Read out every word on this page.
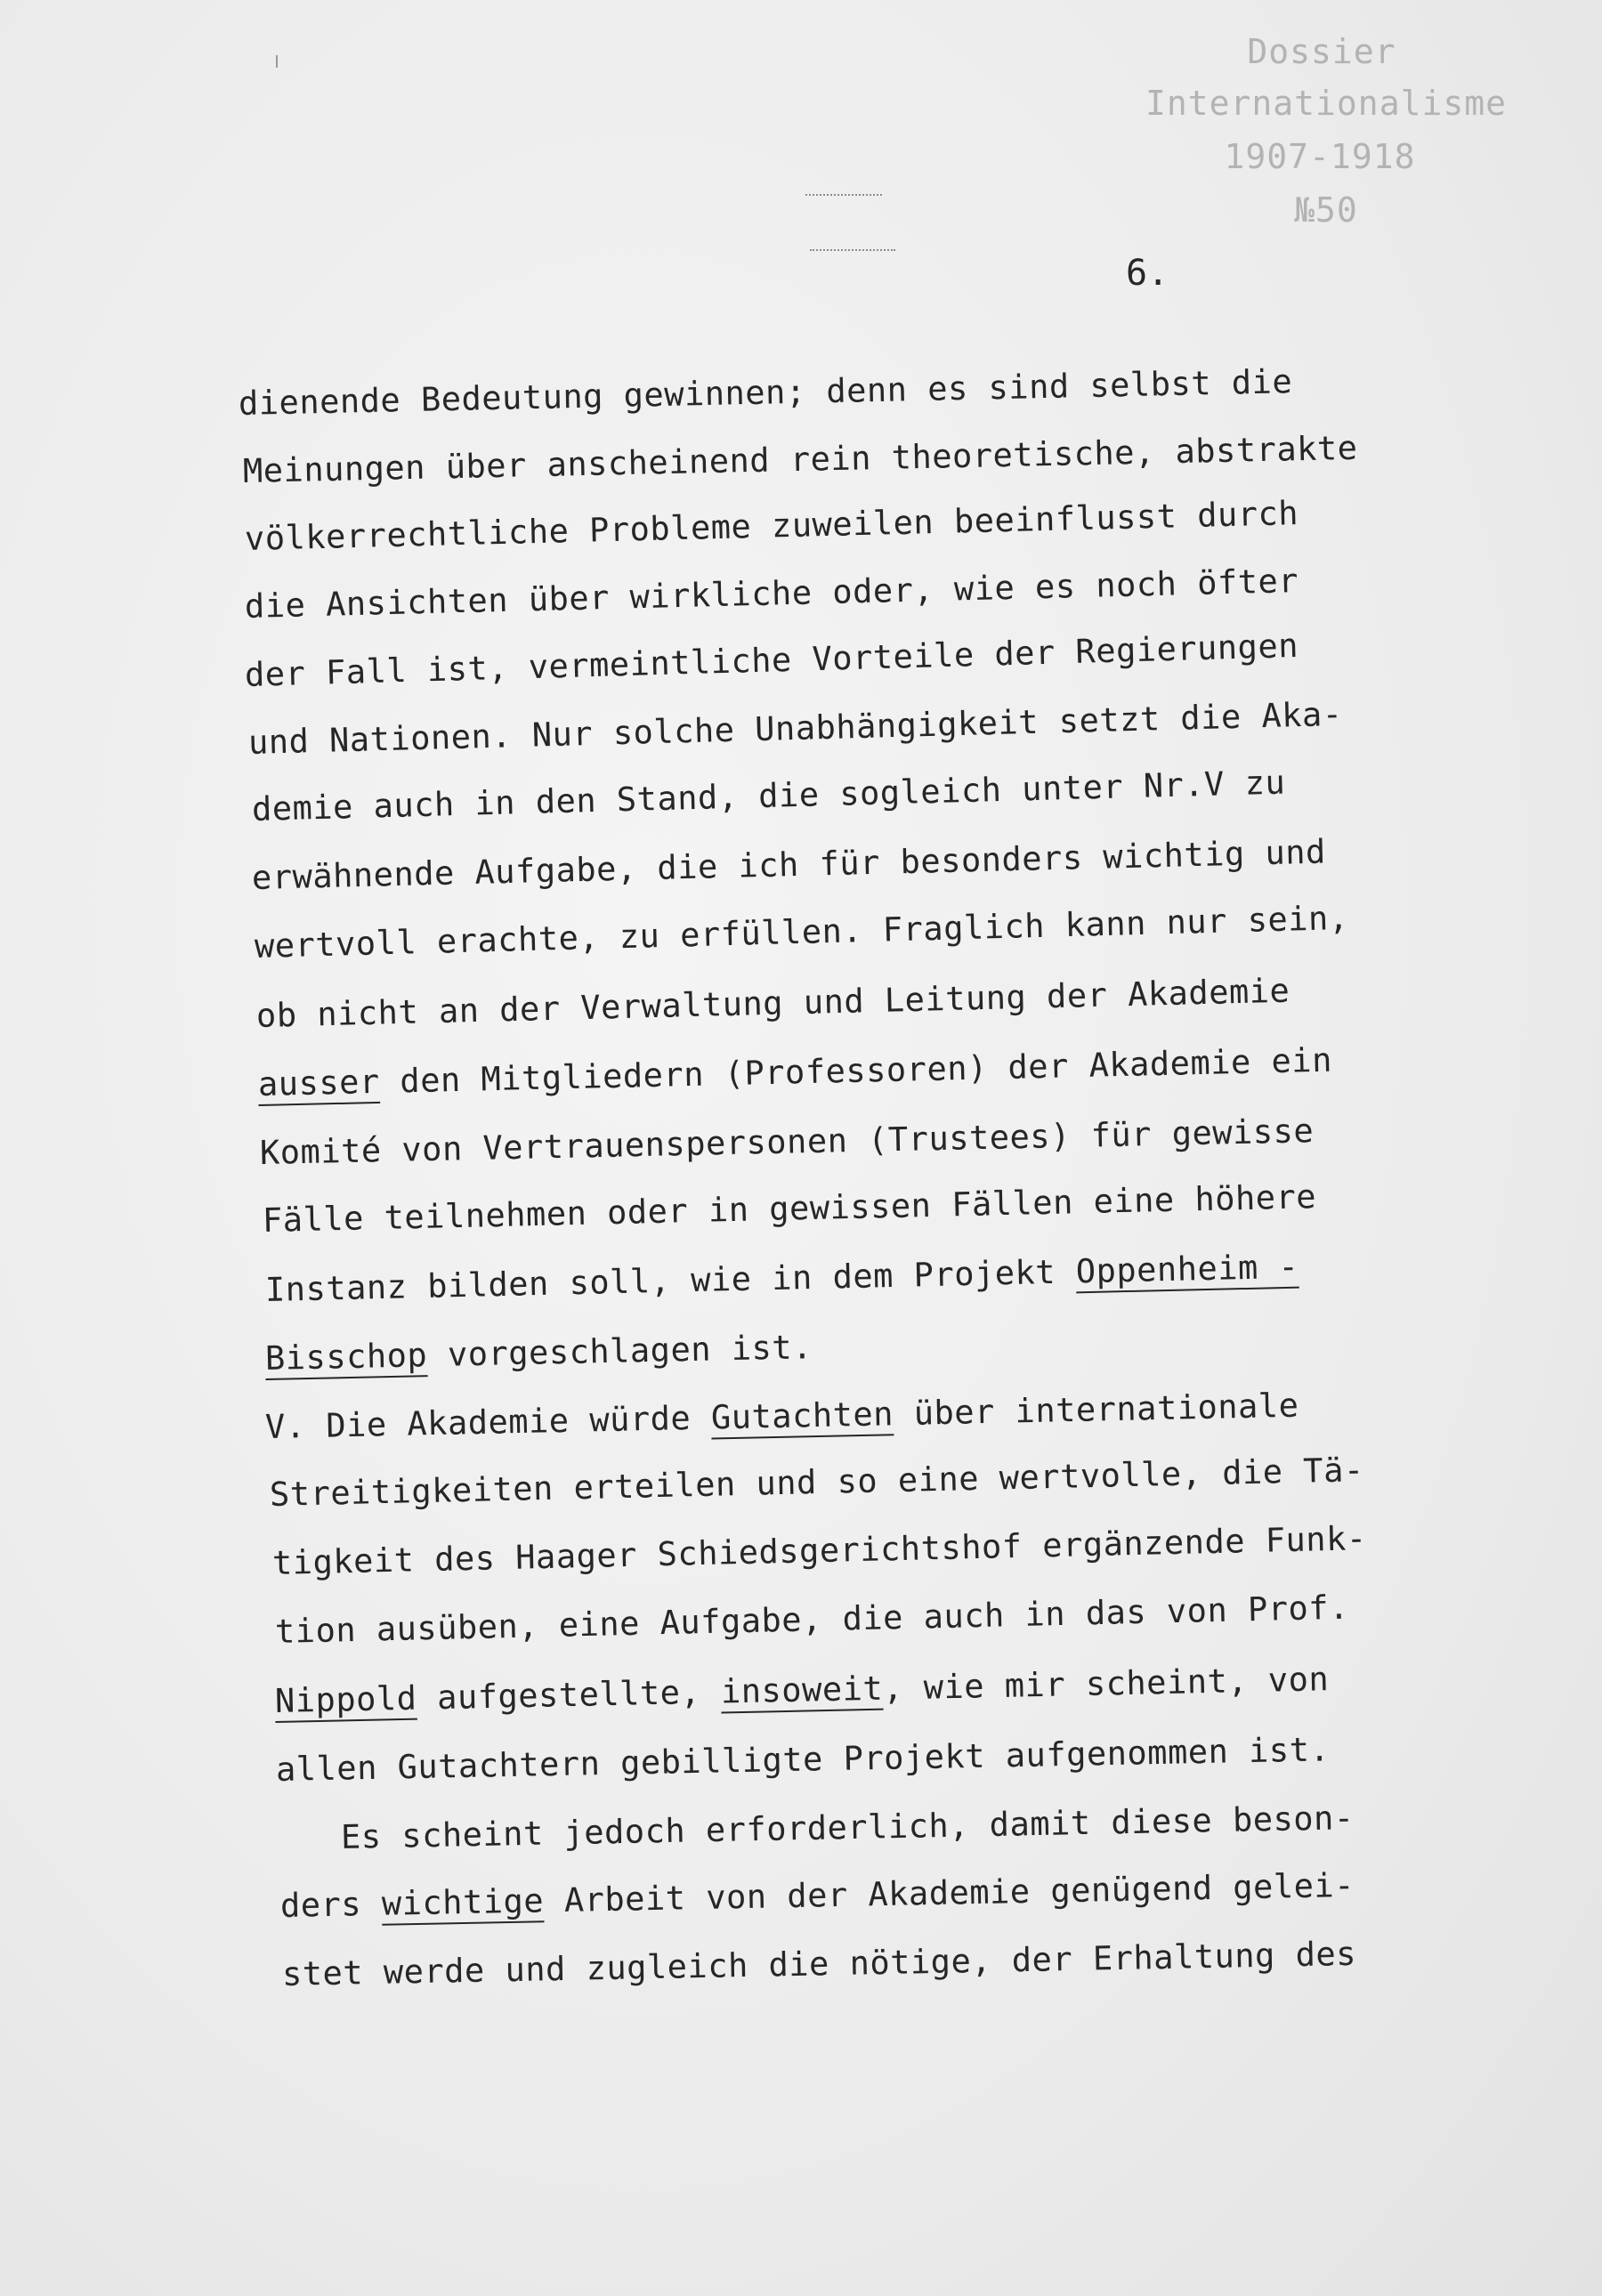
Dossier
Internationalisme
1907-1918
№50
6.
dienende Bedeutung gewinnen; denn es sind selbst die
Meinungen über anscheinend rein theoretische, abstrakte
völkerrechtliche Probleme zuweilen beeinflusst durch
die Ansichten über wirkliche oder, wie es noch öfter
der Fall ist, vermeintliche Vorteile der Regierungen
und Nationen. Nur solche Unabhängigkeit setzt die Aka-
demie auch in den Stand, die sogleich unter Nr.V zu
erwähnende Aufgabe, die ich für besonders wichtig und
wertvoll erachte, zu erfüllen. Fraglich kann nur sein,
ob nicht an der Verwaltung und Leitung der Akademie
ausser den Mitgliedern (Professoren) der Akademie ein
Komité von Vertrauenspersonen (Trustees) für gewisse
Fälle teilnehmen oder in gewissen Fällen eine höhere
Instanz bilden soll, wie in dem Projekt Oppenheim -
Bisschop vorgeschlagen ist.
V. Die Akademie würde Gutachten über internationale
Streitigkeiten erteilen und so eine wertvolle, die Tä-
tigkeit des Haager Schiedsgerichtshof ergänzende Funk-
tion ausüben, eine Aufgabe, die auch in das von Prof.
Nippold aufgestellte, insoweit, wie mir scheint, von
allen Gutachtern gebilligte Projekt aufgenommen ist.
Es scheint jedoch erforderlich, damit diese beson-
ders wichtige Arbeit von der Akademie genügend gelei-
stet werde und zugleich die nötige, der Erhaltung des
